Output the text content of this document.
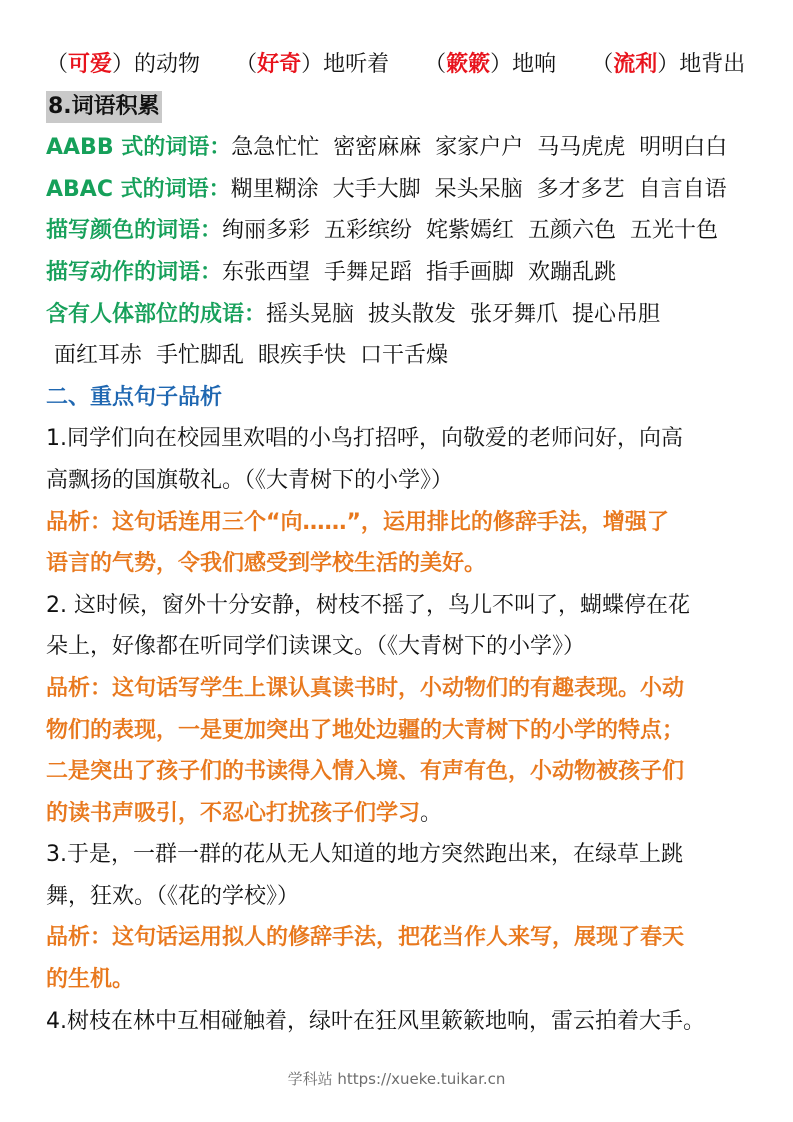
（可爱）的动物 （好奇）地听着 （簌簌）地响 （流利）地背出
8.词语积累
AABB 式的词语：急急忙忙  密密麻麻  家家户户  马马虎虎  明明白白
ABAC 式的词语：糊里糊涂  大手大脚  呆头呆脑  多才多艺  自言自语
描写颜色的词语：绚丽多彩  五彩缤纷  姹紫嫣红  五颜六色  五光十色
描写动作的词语：东张西望  手舞足蹈  指手画脚  欢蹦乱跳
含有人体部位的成语：摇头晃脑  披头散发  张牙舞爪  提心吊胆
面红耳赤  手忙脚乱  眼疾手快  口干舌燥
二、重点句子品析
1.同学们向在校园里欢唱的小鸟打招呼，向敬爱的老师问好，向高
高飘扬的国旗敬礼。（《大青树下的小学》）
品析：这句话连用三个“向……”，运用排比的修辞手法，增强了
语言的气势，令我们感受到学校生活的美好。
2. 这时候，窗外十分安静，树枝不摇了，鸟儿不叫了，蝴蝶停在花
朵上，好像都在听同学们读课文。（《大青树下的小学》）
品析：这句话写学生上课认真读书时，小动物们的有趣表现。小动
物们的表现，一是更加突出了地处边疆的大青树下的小学的特点；
二是突出了孩子们的书读得入情入境、有声有色，小动物被孩子们
的读书声吸引，不忍心打扰孩子们学习。
3.于是，一群一群的花从无人知道的地方突然跑出来，在绿草上跳
舞，狂欢。（《花的学校》）
品析：这句话运用拟人的修辞手法，把花当作人来写，展现了春天
的生机。
4.树枝在林中互相碰触着，绿叶在狂风里簌簌地响，雷云拍着大手。
学科站 https://xueke.tuikar.cn
